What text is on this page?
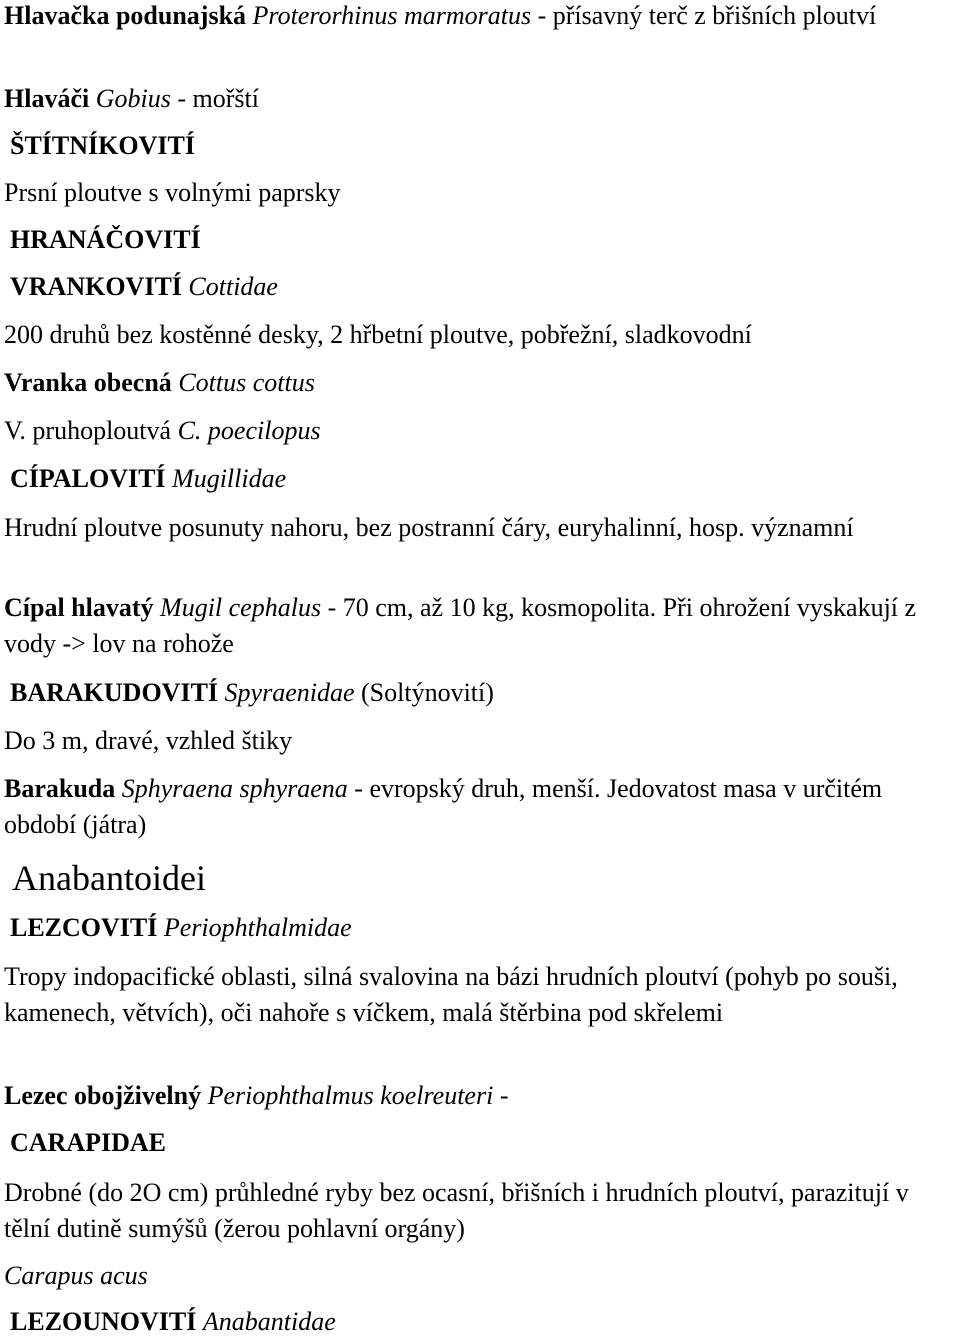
Hlavačka podunajská Proterorhinus marmoratus - přísavný terč z břišních ploutví

Hlaváči Gobius - mořští

ŠTÍTNÍKOVITÍ

Prsní ploutve s volnými paprsky

HRANÁČOVITÍ

VRANKOVITÍ Cottidae

200 druhů bez kostěnné desky, 2 hřbetní ploutve, pobřežní, sladkovodní

Vranka obecná Cottus cottus

V. pruhoploutvá C. poecilopus

CÍPALOVITÍ Mugillidae

Hrudní ploutve posunuty nahoru, bez postranní čáry, euryhalinní, hosp. významní

Cípal hlavatý Mugil cephalus - 70 cm, až 10 kg, kosmopolita. Při ohrožení vyskakují z vody -> lov na rohože

BARAKUDOVITÍ Spyraenidae (Soltýnovití)

Do 3 m, dravé, vzhled štiky

Barakuda Sphyraena sphyraena - evropský druh, menší. Jedovatost masa v určitém období (játra)

Anabantoidei

LEZCOVITÍ Periophthalmidae

Tropy indopacifické oblasti, silná svalovina na bázi hrudních ploutví (pohyb po souši, kamenech, větvích), oči nahoře s víčkem, malá štěrbina pod skřelemi

Lezec obojživelný Periophthalmus koelreuteri -

CARAPIDAE

Drobné (do 2O cm) průhledné ryby bez ocasní, břišních i hrudních ploutví, parazitují v tělní dutině sumýšů (žerou pohlavní orgány)

Carapus acus

LEZOUNOVITÍ Anabantidae
